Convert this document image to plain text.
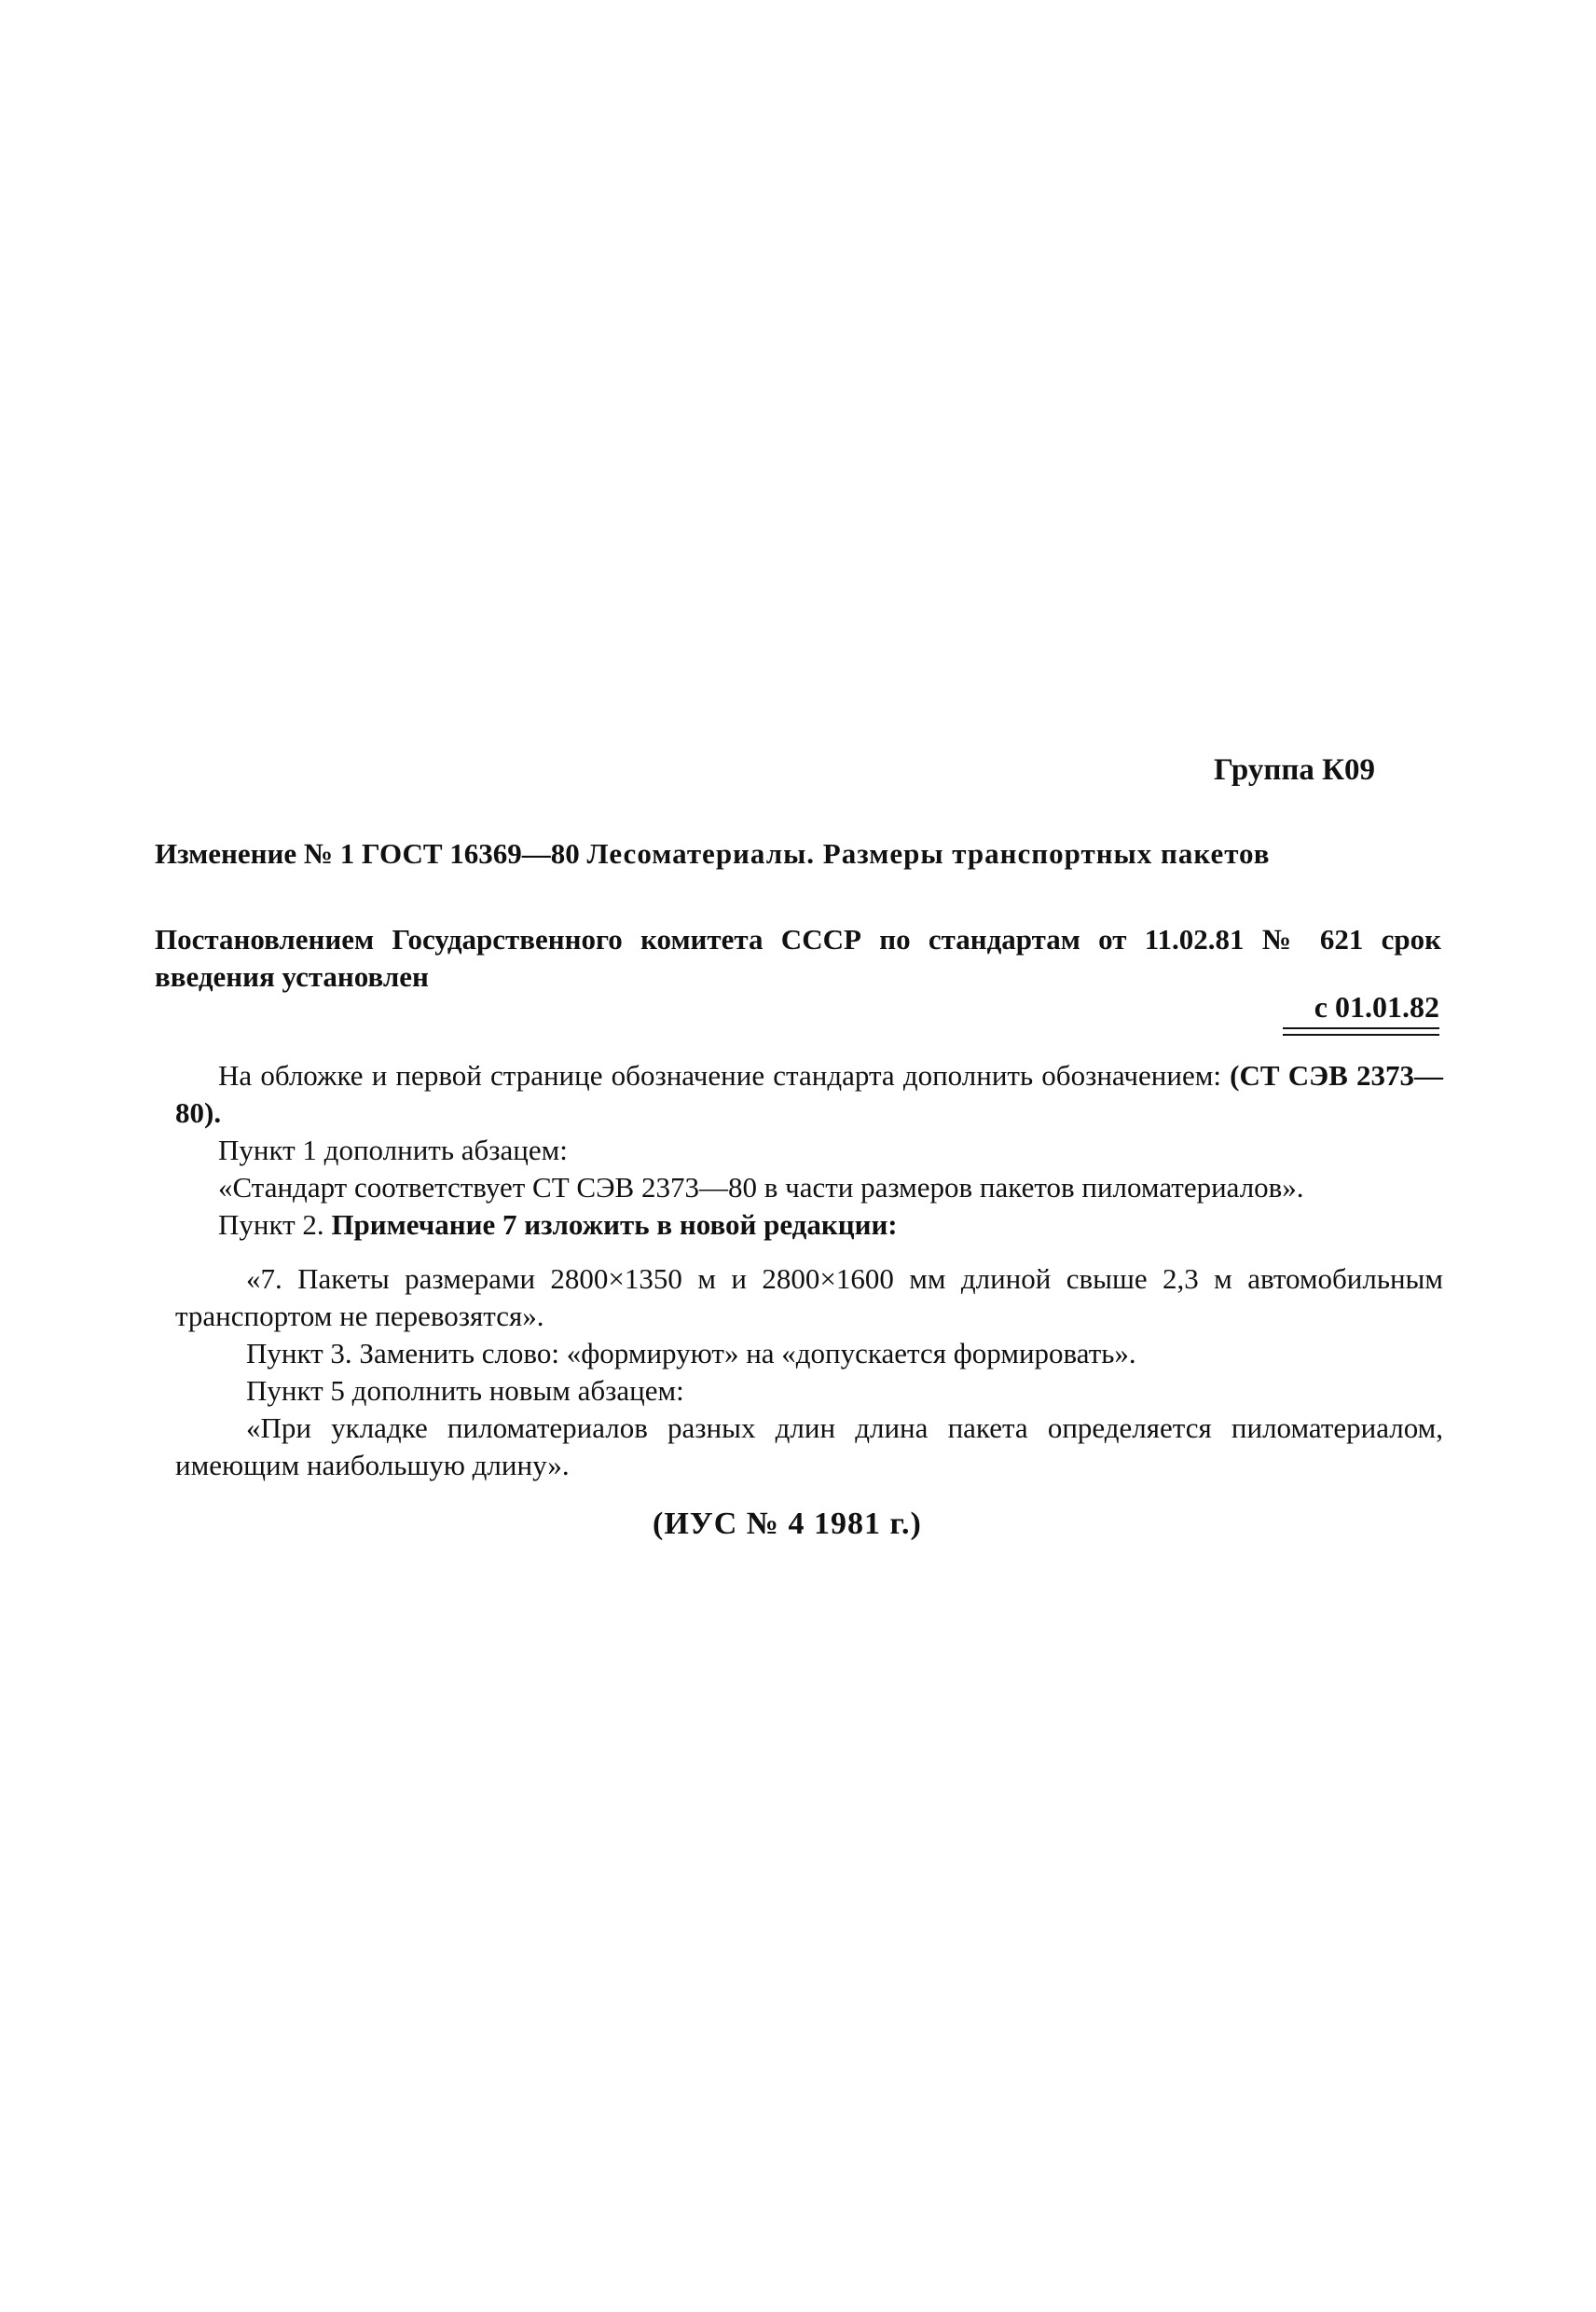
Группа К09
Изменение № 1 ГОСТ 16369—80 Лесоматериалы. Размеры транспортных пакетов
Постановлением Государственного комитета СССР по стандартам от 11.02.81 № 621 срок введения установлен
с 01.01.82

На обложке и первой странице обозначение стандарта дополнить обозначением: (СТ СЭВ 2373—80).

Пункт 1 дополнить абзацем:

«Стандарт соответствует СТ СЭВ 2373—80 в части размеров пакетов пиломатериалов».

Пункт 2. Примечание 7 изложить в новой редакции:

«7. Пакеты размерами 2800×1350 м и 2800×1600 мм длиной свыше 2,3 м автомобильным транспортом не перевозятся».

Пункт 3. Заменить слово: «формируют» на «допускается формировать».

Пункт 5 дополнить новым абзацем:

«При укладке пиломатериалов разных длин длина пакета определяется пиломатериалом, имеющим наибольшую длину».

(ИУС № 4 1981 г.)
